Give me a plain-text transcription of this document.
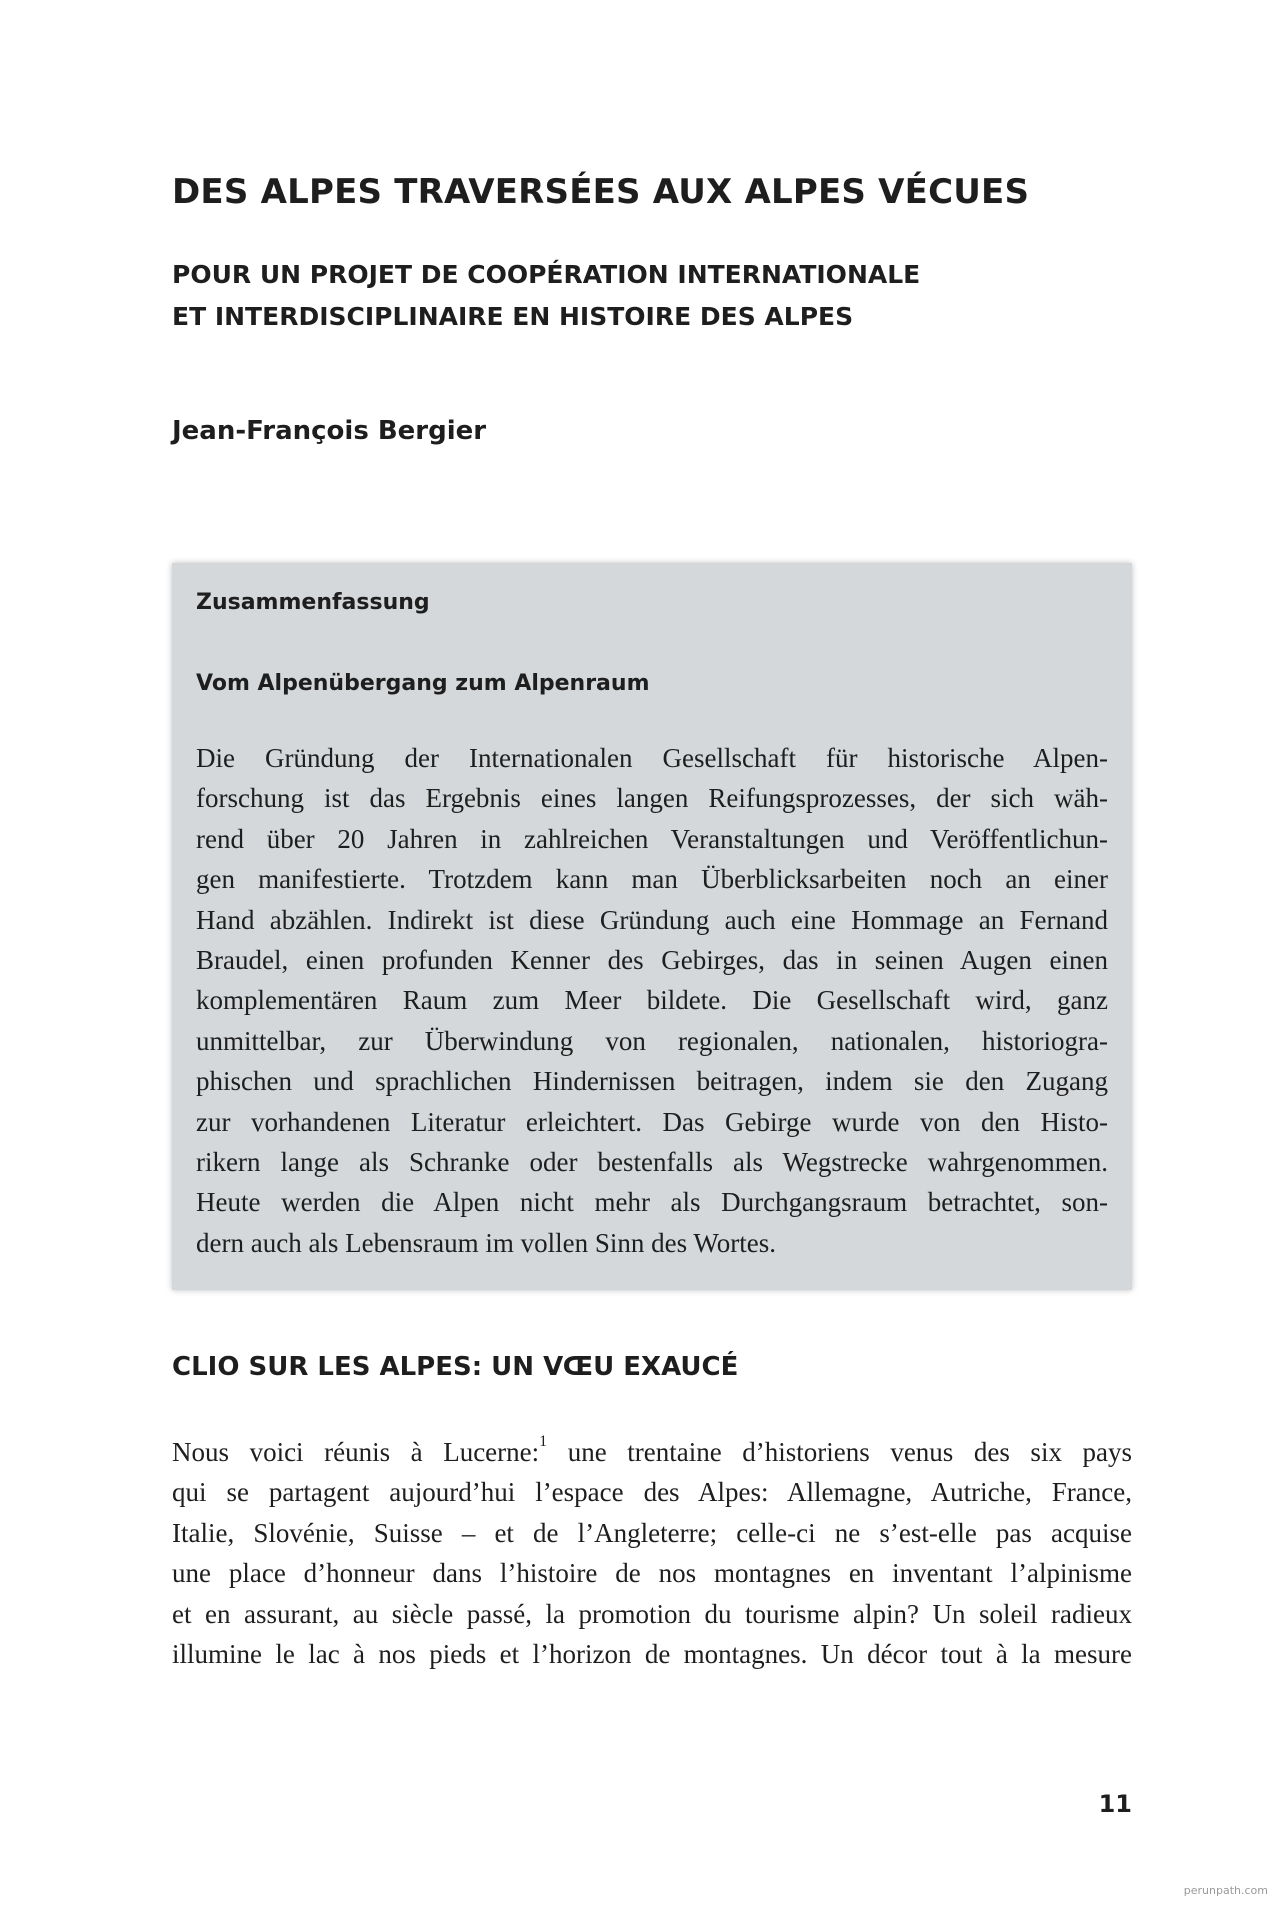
DES ALPES TRAVERSÉES AUX ALPES VÉCUES
POUR UN PROJET DE COOPÉRATION INTERNATIONALE
ET INTERDISCIPLINAIRE EN HISTOIRE DES ALPES
Jean-François Bergier
Zusammenfassung
Vom Alpenübergang zum Alpenraum
Die Gründung der Internationalen Gesellschaft für historische Alpen-
forschung ist das Ergebnis eines langen Reifungsprozesses, der sich wäh-
rend über 20 Jahren in zahlreichen Veranstaltungen und Veröffentlichun-
gen manifestierte. Trotzdem kann man Überblicksarbeiten noch an einer
Hand abzählen. Indirekt ist diese Gründung auch eine Hommage an Fernand
Braudel, einen profunden Kenner des Gebirges, das in seinen Augen einen
komplementären Raum zum Meer bildete. Die Gesellschaft wird, ganz
unmittelbar, zur Überwindung von regionalen, nationalen, historiogra-
phischen und sprachlichen Hindernissen beitragen, indem sie den Zugang
zur vorhandenen Literatur erleichtert. Das Gebirge wurde von den Histo-
rikern lange als Schranke oder bestenfalls als Wegstrecke wahrgenommen.
Heute werden die Alpen nicht mehr als Durchgangsraum betrachtet, son-
dern auch als Lebensraum im vollen Sinn des Wortes.
CLIO SUR LES ALPES: UN VŒU EXAUCÉ
Nous voici réunis à Lucerne:$^1$ une trentaine d’historiens venus des six pays
qui se partagent aujourd’hui l’espace des Alpes: Allemagne, Autriche, France,
Italie, Slovénie, Suisse – et de l’Angleterre; celle-ci ne s’est-elle pas acquise
une place d’honneur dans l’histoire de nos montagnes en inventant l’alpinisme
et en assurant, au siècle passé, la promotion du tourisme alpin? Un soleil radieux
illumine le lac à nos pieds et l’horizon de montagnes. Un décor tout à la mesure
11
perunpath.com
